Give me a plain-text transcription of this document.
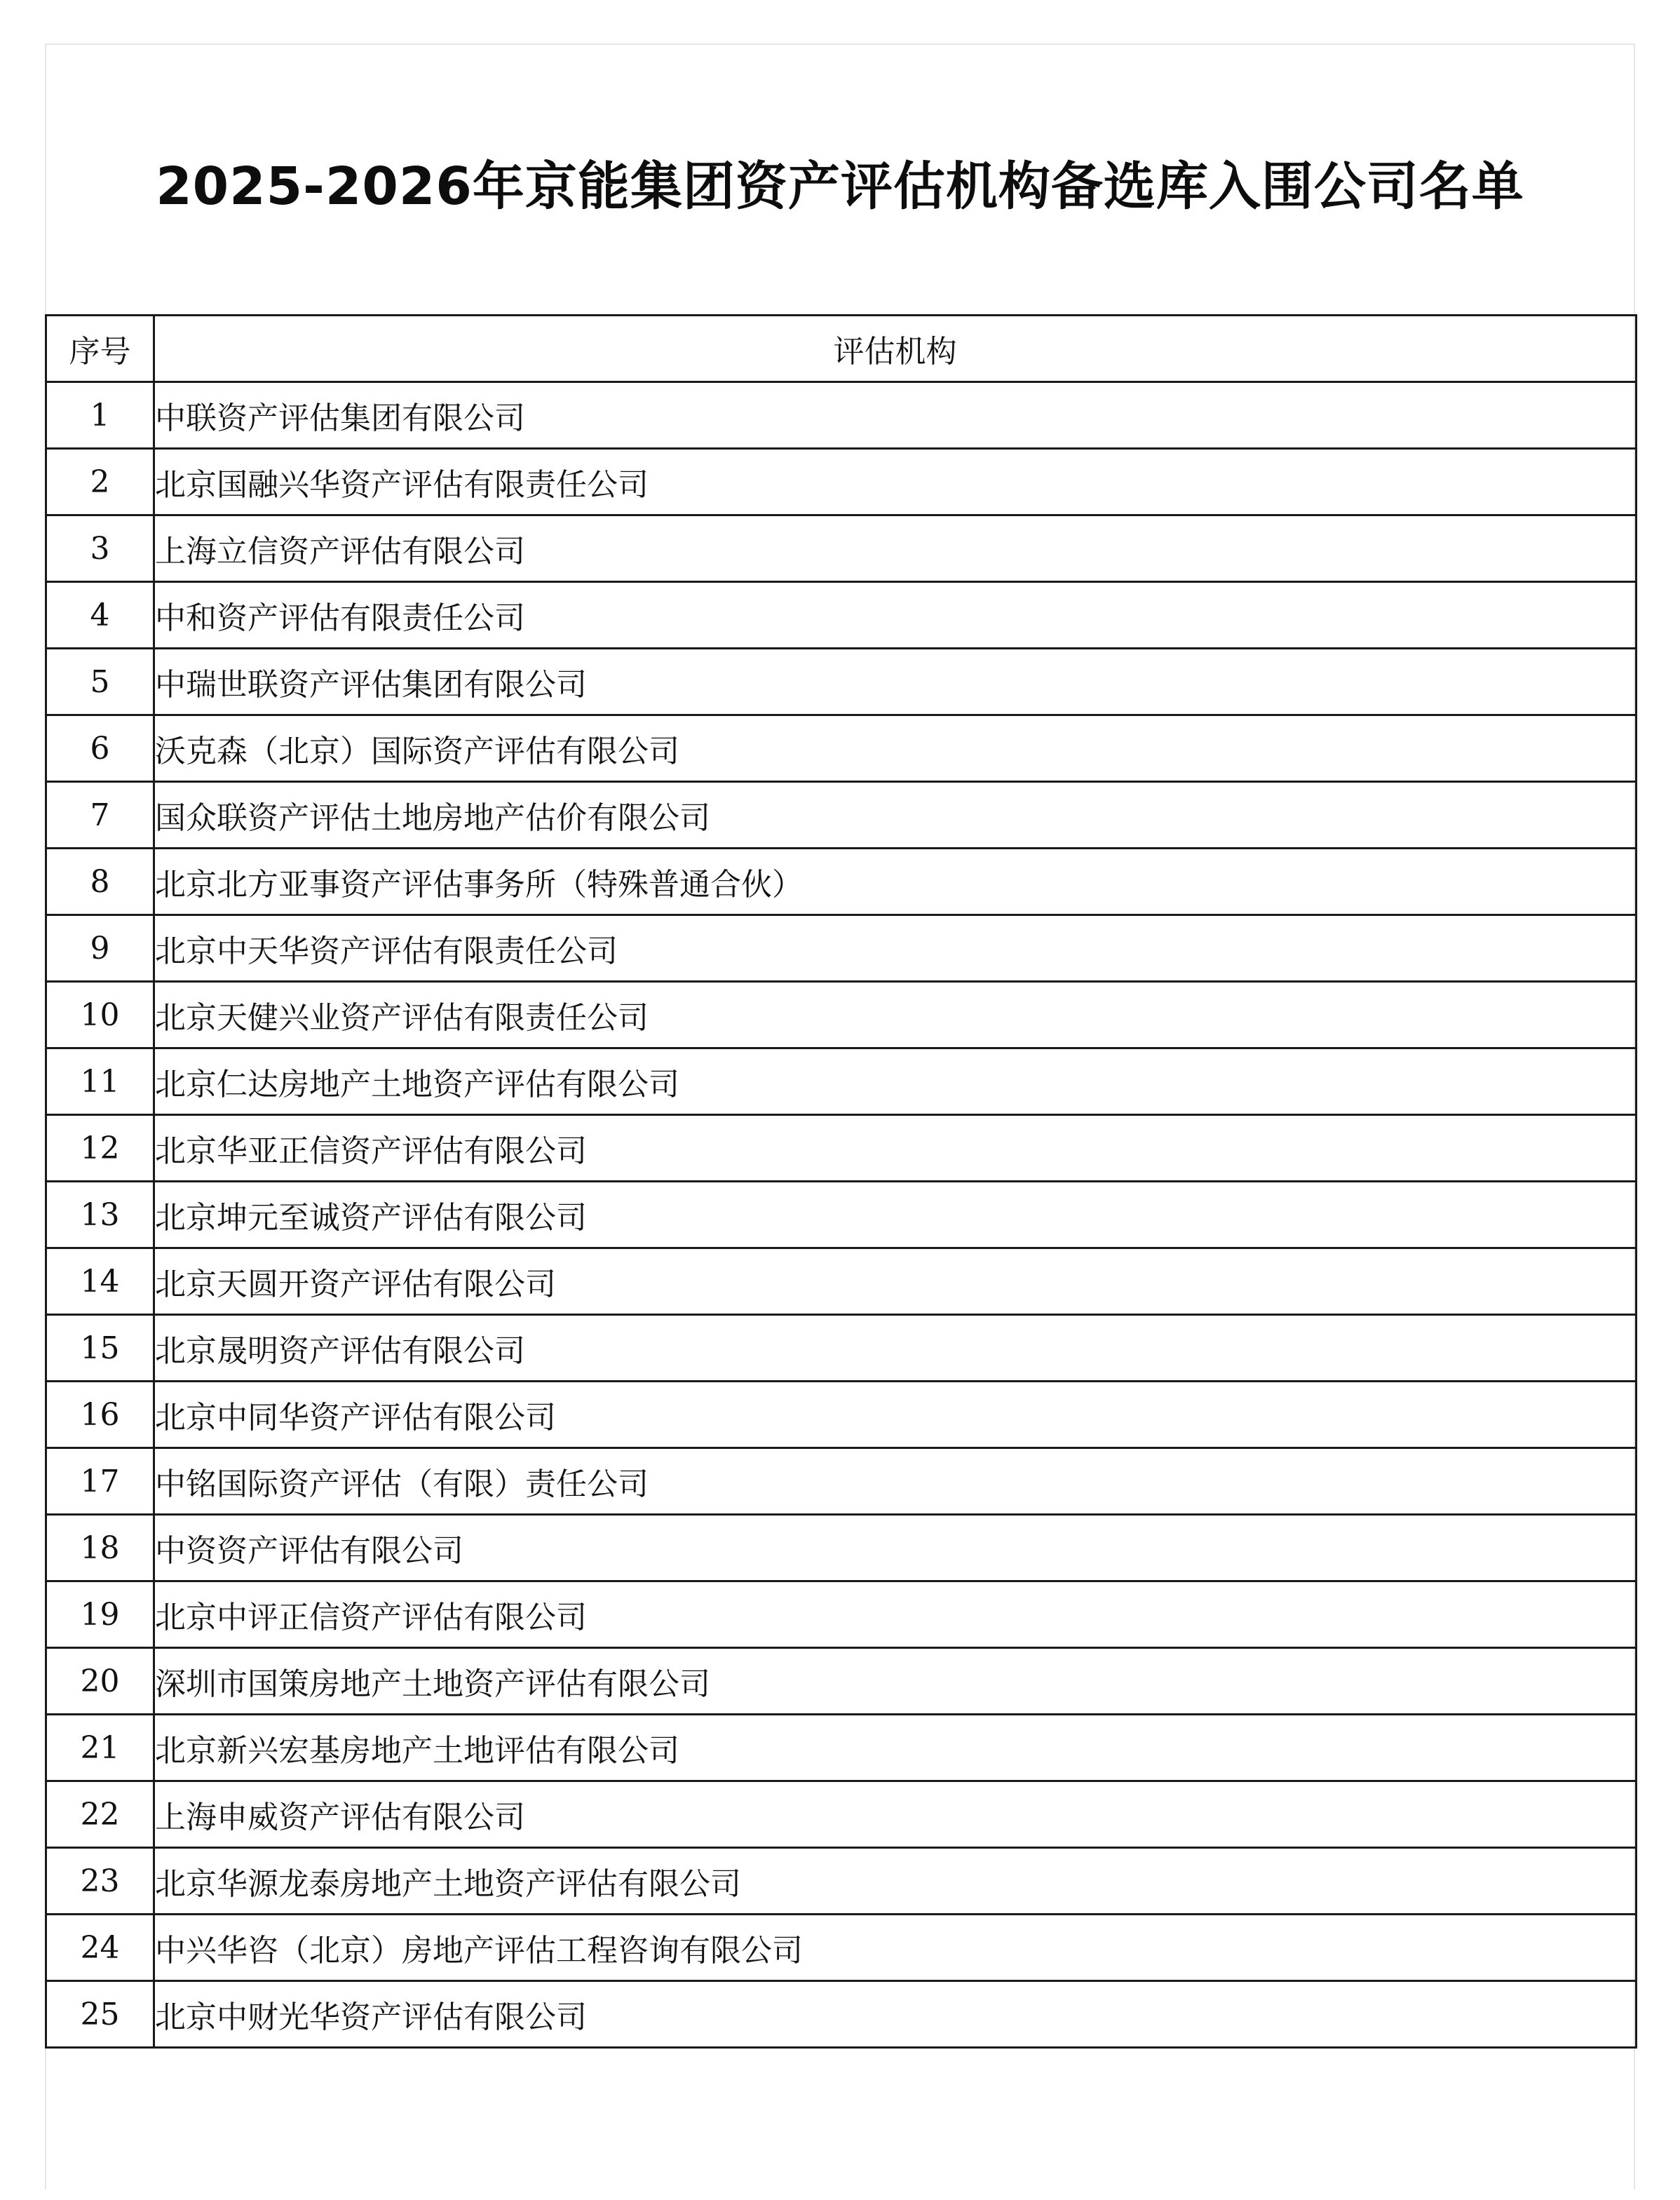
2025-2026年京能集团资产评估机构备选库入围公司名单
序号	评估机构
1	中联资产评估集团有限公司
2	北京国融兴华资产评估有限责任公司
3	上海立信资产评估有限公司
4	中和资产评估有限责任公司
5	中瑞世联资产评估集团有限公司
6	沃克森（北京）国际资产评估有限公司
7	国众联资产评估土地房地产估价有限公司
8	北京北方亚事资产评估事务所（特殊普通合伙）
9	北京中天华资产评估有限责任公司
10	北京天健兴业资产评估有限责任公司
11	北京仁达房地产土地资产评估有限公司
12	北京华亚正信资产评估有限公司
13	北京坤元至诚资产评估有限公司
14	北京天圆开资产评估有限公司
15	北京晟明资产评估有限公司
16	北京中同华资产评估有限公司
17	中铭国际资产评估（有限）责任公司
18	中资资产评估有限公司
19	北京中评正信资产评估有限公司
20	深圳市国策房地产土地资产评估有限公司
21	北京新兴宏基房地产土地评估有限公司
22	上海申威资产评估有限公司
23	北京华源龙泰房地产土地资产评估有限公司
24	中兴华咨（北京）房地产评估工程咨询有限公司
25	北京中财光华资产评估有限公司
